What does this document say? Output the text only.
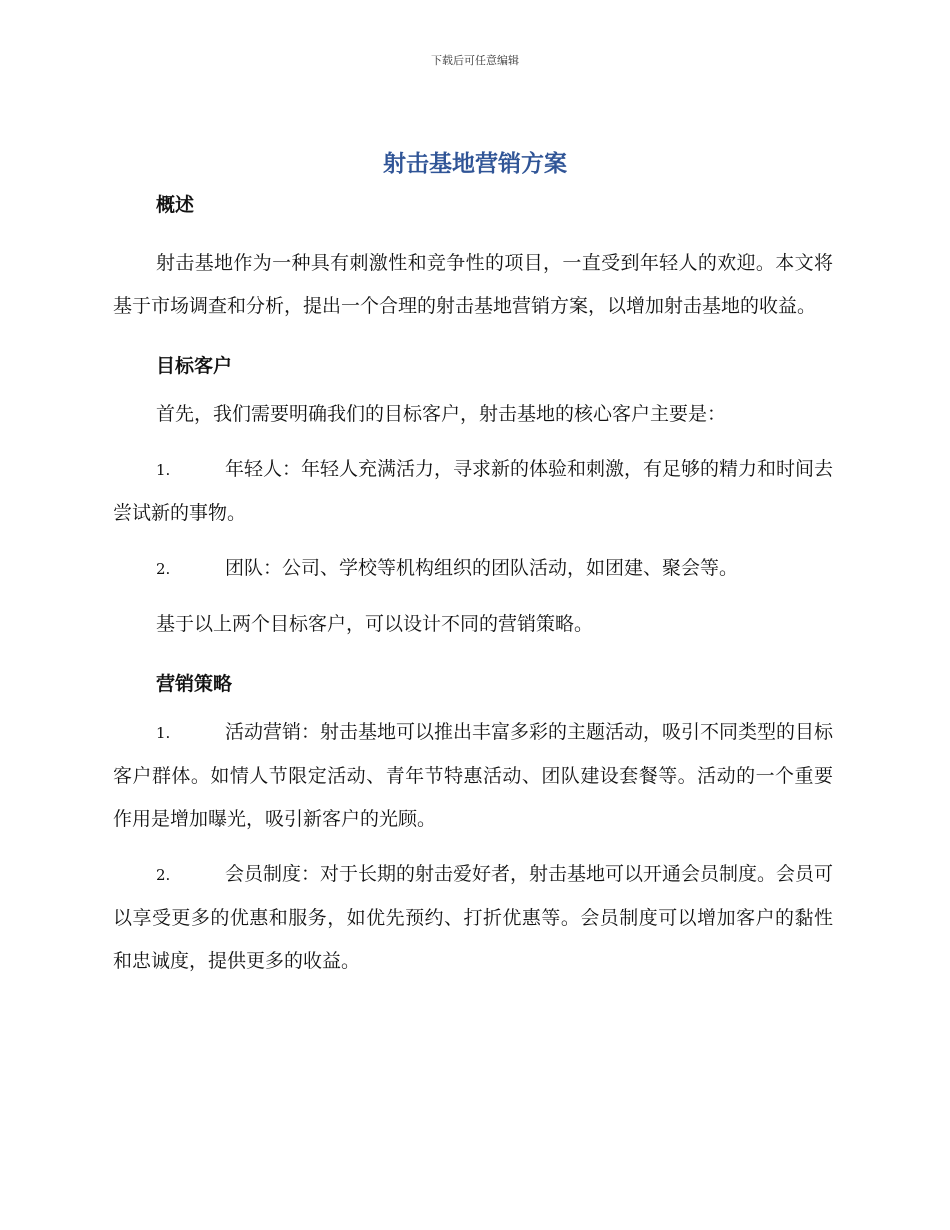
下载后可任意编辑
射击基地营销方案
概述

射击基地作为一种具有刺激性和竞争性的项目，一直受到年轻人的欢迎。本文将基于市场调查和分析，提出一个合理的射击基地营销方案，以增加射击基地的收益。

目标客户

首先，我们需要明确我们的目标客户，射击基地的核心客户主要是：

1.	年轻人：年轻人充满活力，寻求新的体验和刺激，有足够的精力和时间去尝试新的事物。

2.	团队：公司、学校等机构组织的团队活动，如团建、聚会等。

基于以上两个目标客户，可以设计不同的营销策略。

营销策略

1.	活动营销：射击基地可以推出丰富多彩的主题活动，吸引不同类型的目标客户群体。如情人节限定活动、青年节特惠活动、团队建设套餐等。活动的一个重要作用是增加曝光，吸引新客户的光顾。

2.	会员制度：对于长期的射击爱好者，射击基地可以开通会员制度。会员可以享受更多的优惠和服务，如优先预约、打折优惠等。会员制度可以增加客户的黏性和忠诚度，提供更多的收益。
